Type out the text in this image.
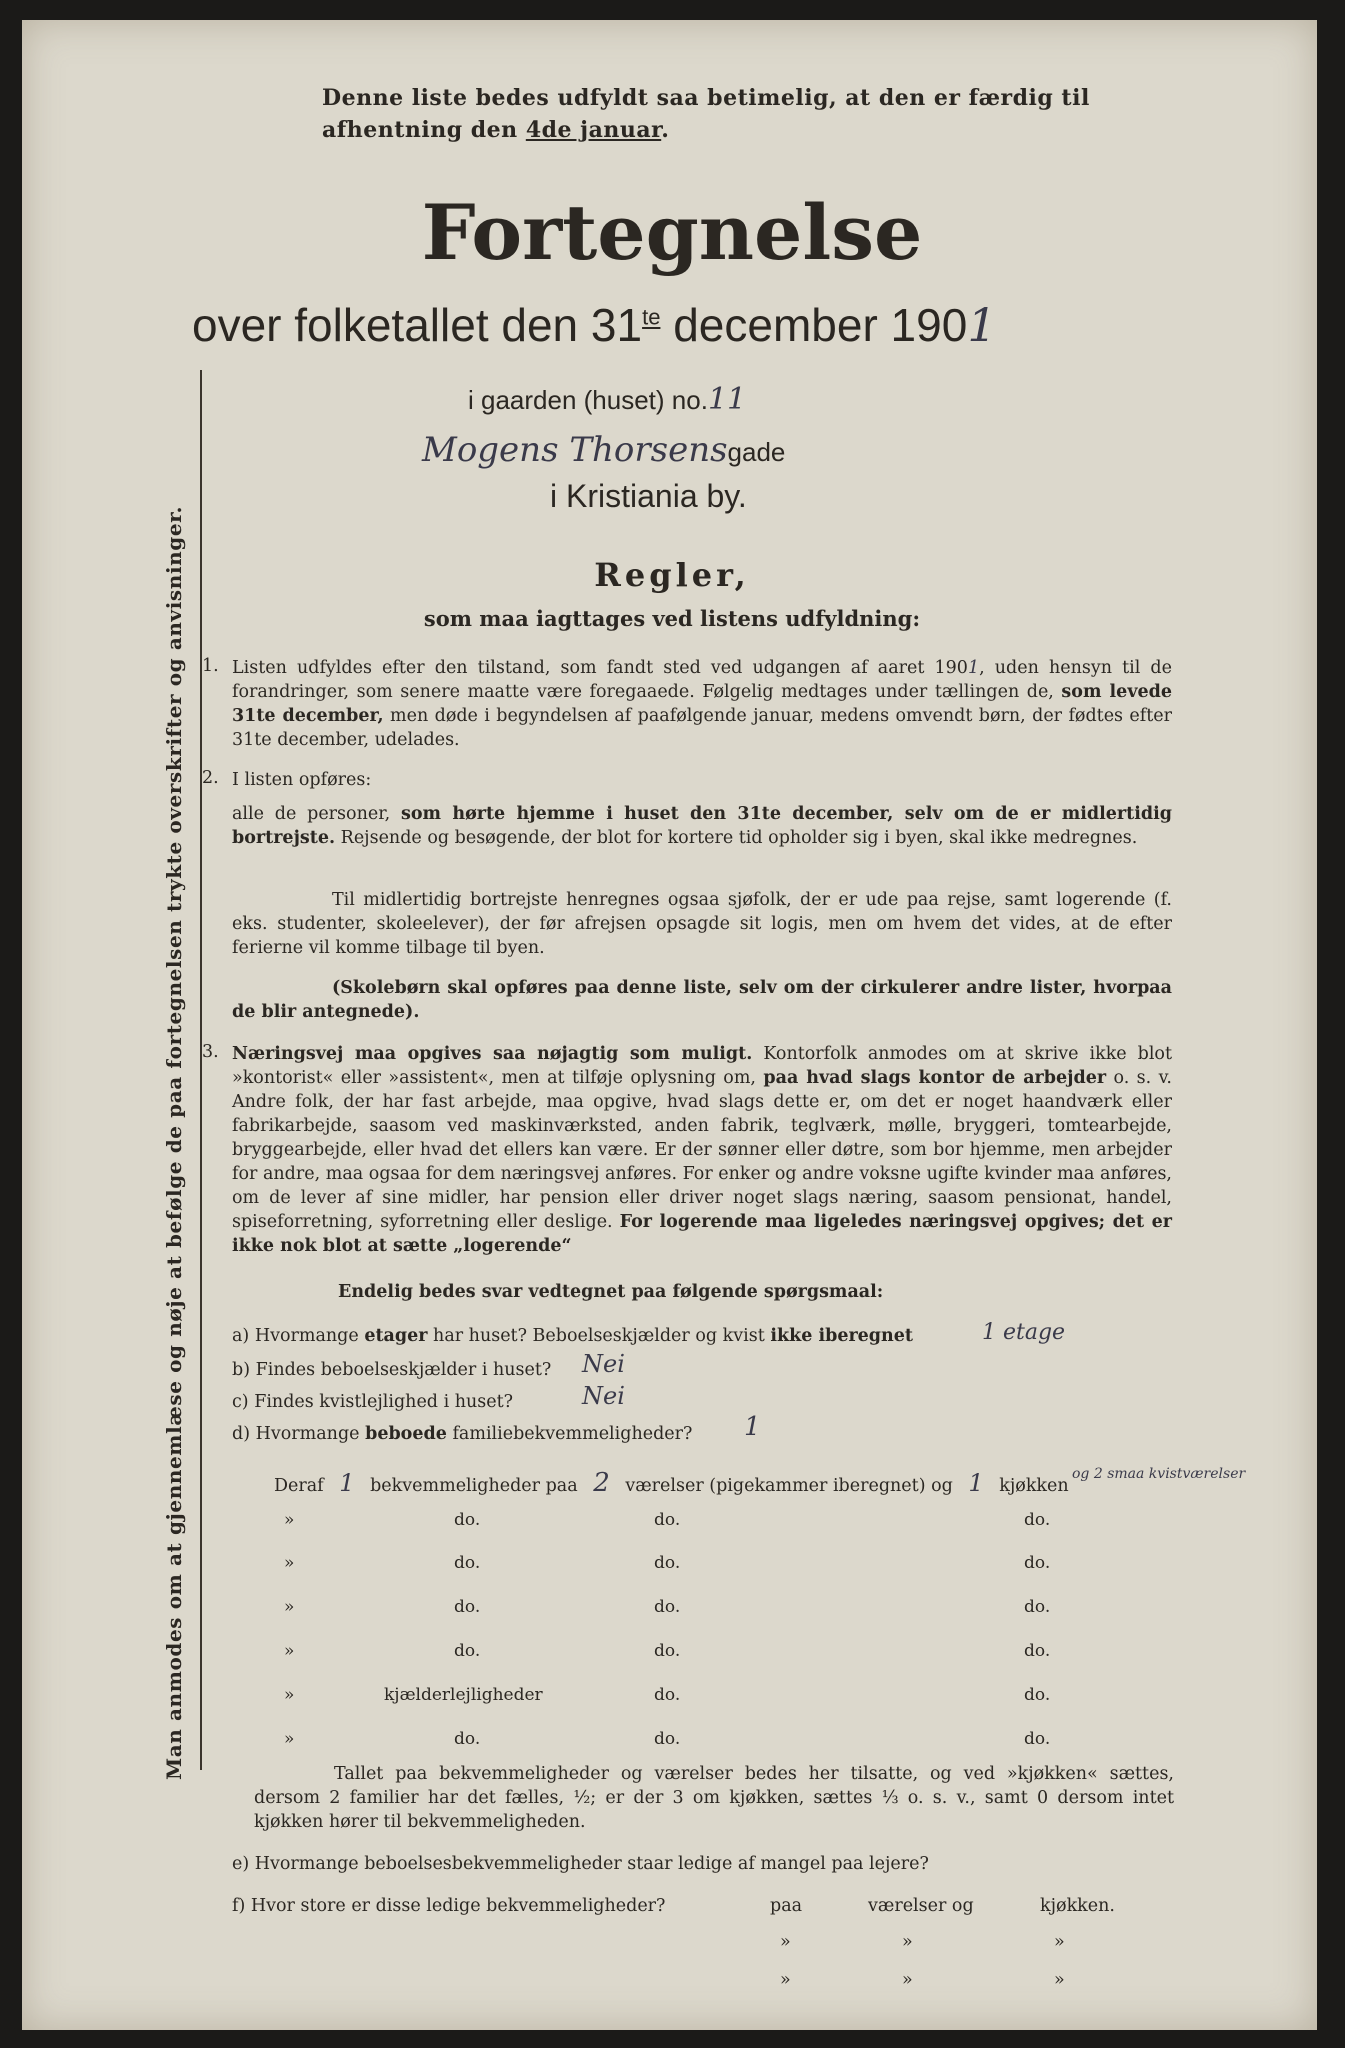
Denne liste bedes udfyldt saa betimelig, at den er færdig til afhentning den 4de januar.
Fortegnelse
over folketallet den $31^{te}$ december 1901
i gaarden (huset) no.11
Mogens Thorsensgade
i Kristiania by.
Regler,
som maa iagttages ved listens udfyldning:
1. Listen udfyldes efter den tilstand, som fandt sted ved udgangen af aaret 1901, uden hensyn til de forandringer, som senere maatte være foregaaede. Følgelig medtages under tællingen de, som levede 31te december, men døde i begyndelsen af paafølgende januar, medens omvendt børn, der fødtes efter 31te december, udelades.
2. I listen opføres:
alle de personer, som hørte hjemme i huset den 31te december, selv om de er midlertidig bortrejste. Rejsende og besøgende, der blot for kortere tid opholder sig i byen, skal ikke medregnes.
Til midlertidig bortrejste henregnes ogsaa sjøfolk, der er ude paa rejse, samt logerende (f. eks. studenter, skoleelever), der før afrejsen opsagde sit logis, men om hvem det vides, at de efter ferierne vil komme tilbage til byen.
(Skolebørn skal opføres paa denne liste, selv om der cirkulerer andre lister, hvorpaa de blir antegnede).
3. Næringsvej maa opgives saa nøjagtig som muligt. Kontorfolk anmodes om at skrive ikke blot »kontorist« eller »assistent«, men at tilføje oplysning om, paa hvad slags kontor de arbejder o. s. v. Andre folk, der har fast arbejde, maa opgive, hvad slags dette er, om det er noget haandværk eller fabrikarbejde, saasom ved maskinværksted, anden fabrik, teglværk, mølle, bryggeri, tomtearbejde, bryggearbejde, eller hvad det ellers kan være. Er der sønner eller døtre, som bor hjemme, men arbejder for andre, maa ogsaa for dem næringsvej anføres. For enker og andre voksne ugifte kvinder maa anføres, om de lever af sine midler, har pension eller driver noget slags næring, saasom pensionat, handel, spiseforretning, syforretning eller deslige. For logerende maa ligeledes næringsvej opgives; det er ikke nok blot at sætte „logerende“
Endelig bedes svar vedtegnet paa følgende spørgsmaal:
a) Hvormange etager har huset? Beboelseskjælder og kvist ikke iberegnet	1 etage
b) Findes beboelseskjælder i huset? Nei
c) Findes kvistlejlighed i huset?	Nei
d) Hvormange beboede familiebekvemmeligheder? 1
Deraf 1 bekvemmeligheder paa 2 værelser (pigekammer iberegnet) og 1 kjøkken
og 2 smaa kvistværelser
»	do.	do.	do.
»	do.	do.	do.
»	do.	do.	do.
»	do.	do.	do.
»	kjælderlejligheder	do.	do.
»	do.	do.	do.
Tallet paa bekvemmeligheder og værelser bedes her tilsatte, og ved »kjøkken« sættes, dersom 2 familier har det fælles, ½; er der 3 om kjøkken, sættes ⅓ o. s. v., samt 0 dersom intet kjøkken hører til bekvemmeligheden.
e) Hvormange beboelsesbekvemmeligheder staar ledige af mangel paa lejere?
f) Hvor store er disse ledige bekvemmeligheder?	paa	værelser og	kjøkken.
»	»	»
»	»	»
Man anmodes om at gjennemlæse og nøje at befølge de paa fortegnelsen trykte overskrifter og anvisninger.
